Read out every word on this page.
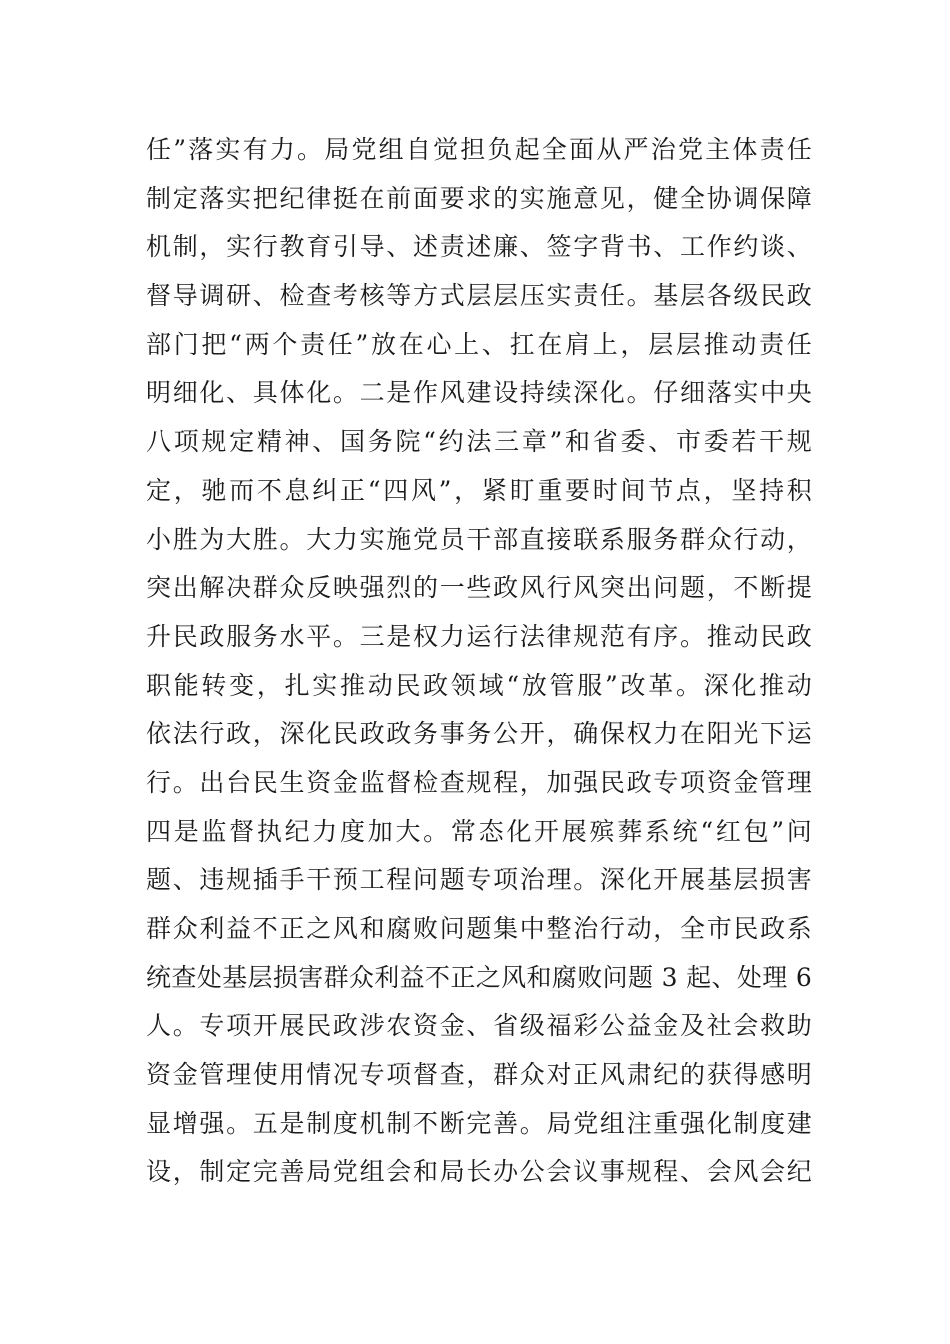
任”落实有力。局党组自觉担负起全面从严治党主体责任
制定落实把纪律挺在前面要求的实施意见，健全协调保障
机制，实行教育引导、述责述廉、签字背书、工作约谈、
督导调研、检查考核等方式层层压实责任。基层各级民政
部门把“两个责任”放在心上、扛在肩上，层层推动责任
明细化、具体化。二是作风建设持续深化。仔细落实中央
八项规定精神、国务院“约法三章”和省委、市委若干规
定，驰而不息纠正“四风”，紧盯重要时间节点，坚持积
小胜为大胜。大力实施党员干部直接联系服务群众行动，
突出解决群众反映强烈的一些政风行风突出问题，不断提
升民政服务水平。三是权力运行法律规范有序。推动民政
职能转变，扎实推动民政领域“放管服”改革。深化推动
依法行政，深化民政政务事务公开，确保权力在阳光下运
行。出台民生资金监督检查规程，加强民政专项资金管理
四是监督执纪力度加大。常态化开展殡葬系统“红包”问
题、违规插手干预工程问题专项治理。深化开展基层损害
群众利益不正之风和腐败问题集中整治行动，全市民政系
统查处基层损害群众利益不正之风和腐败问题 3 起、处理 6
人。专项开展民政涉农资金、省级福彩公益金及社会救助
资金管理使用情况专项督查，群众对正风肃纪的获得感明
显增强。五是制度机制不断完善。局党组注重强化制度建
设，制定完善局党组会和局长办公会议事规程、会风会纪
